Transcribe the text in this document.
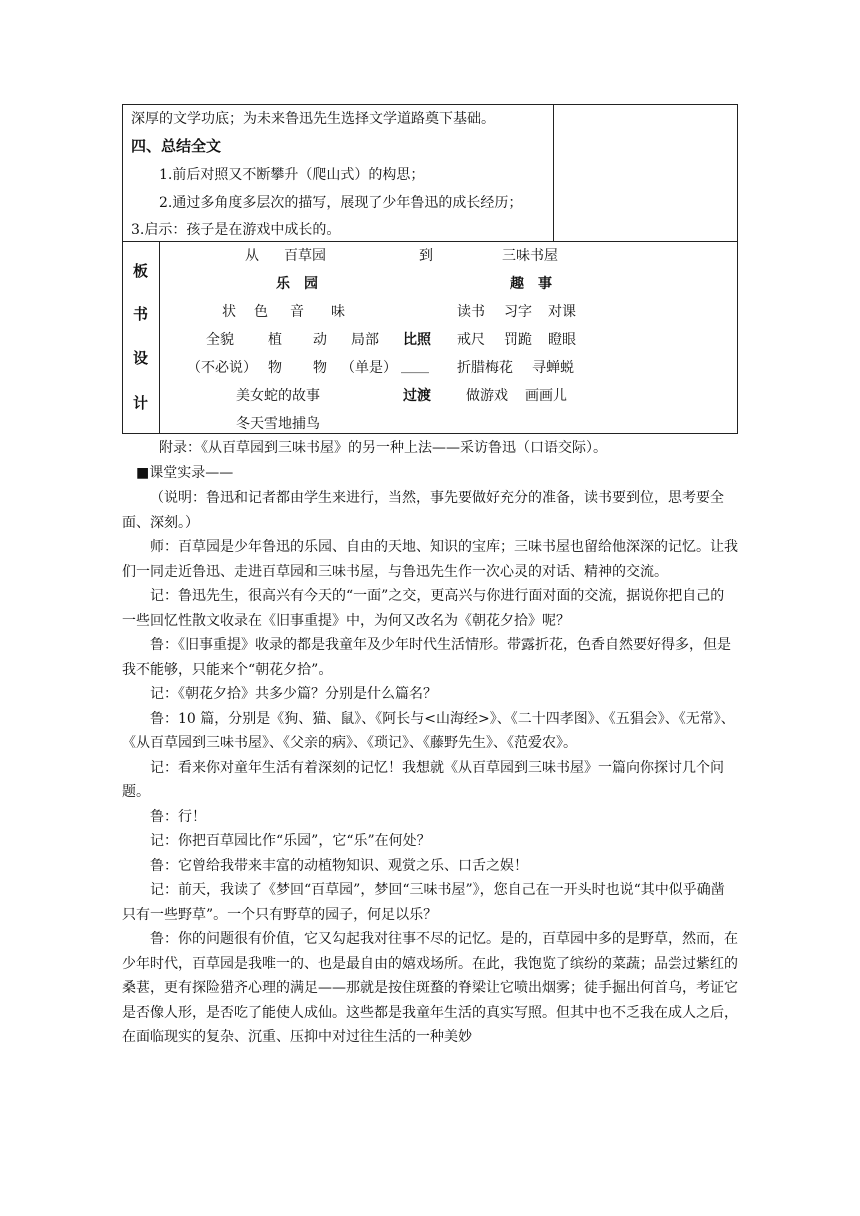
深厚的文学功底；为未来鲁迅先生选择文学道路奠下基础。
四、总结全文
1.前后对照又不断攀升（爬山式）的构思；
2.通过多角度多层次的描写，展现了少年鲁迅的成长经历；
3.启示：孩子是在游戏中成长的。
板
书
设
计
从 百草园	到	三味书屋
乐　园	趣　事
状 色 音 味	读书 习字 对课
全貌 植 动 局部 比照 戒尺 罚跪 瞪眼
（不必说） 物 物 （单是） ____ 折腊梅花 寻蝉蜕
美女蛇的故事	过渡	做游戏 画画儿
冬天雪地捕鸟
附录：《从百草园到三味书屋》的另一种上法——采访鲁迅（口语交际）。
■课堂实录——

（说明：鲁迅和记者都由学生来进行，当然，事先要做好充分的准备，读书要到位，思考要全面、深刻。）

师：百草园是少年鲁迅的乐园、自由的天地、知识的宝库；三味书屋也留给他深深的记忆。让我们一同走近鲁迅、走进百草园和三味书屋，与鲁迅先生作一次心灵的对话、精神的交流。

记：鲁迅先生，很高兴有今天的“一面”之交，更高兴与你进行面对面的交流，据说你把自己的一些回忆性散文收录在《旧事重提》中，为何又改名为《朝花夕拾》呢？

鲁：《旧事重提》收录的都是我童年及少年时代生活情形。带露折花，色香自然要好得多，但是我不能够，只能来个“朝花夕拾”。

记：《朝花夕拾》共多少篇？分别是什么篇名？

鲁：10 篇，分别是《狗、猫、鼠》、《阿长与<山海经>》、《二十四孝图》、《五猖会》、《无常》、《从百草园到三味书屋》、《父亲的病》、《琐记》、《藤野先生》、《范爱农》。

记：看来你对童年生活有着深刻的记忆！我想就《从百草园到三味书屋》一篇向你探讨几个问题。

鲁：行！

记：你把百草园比作“乐园”，它“乐”在何处？

鲁：它曾给我带来丰富的动植物知识、观赏之乐、口舌之娱！

记：前天，我读了《梦回“百草园”，梦回“三味书屋”》，您自己在一开头时也说“其中似乎确凿只有一些野草”。一个只有野草的园子，何足以乐？

鲁：你的问题很有价值，它又勾起我对往事不尽的记忆。是的，百草园中多的是野草，然而，在少年时代，百草园是我唯一的、也是最自由的嬉戏场所。在此，我饱览了缤纷的菜蔬；品尝过紫红的桑葚，更有探险猎齐心理的满足——那就是按住斑蝥的脊梁让它喷出烟雾；徒手掘出何首乌，考证它是否像人形，是否吃了能使人成仙。这些都是我童年生活的真实写照。但其中也不乏我在成人之后，在面临现实的复杂、沉重、压抑中对过往生活的一种美妙
